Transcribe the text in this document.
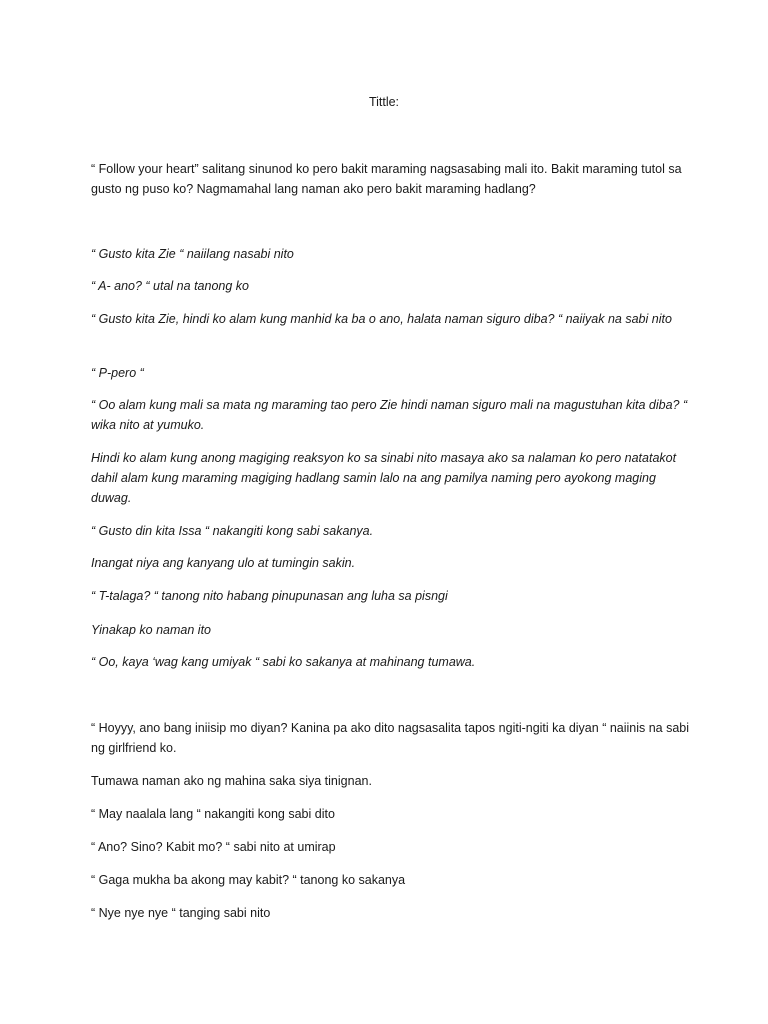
Tittle:

“ Follow your heart” salitang sinunod ko pero bakit maraming nagsasabing mali ito. Bakit maraming tutol sa gusto ng puso ko? Nagmamahal lang naman ako pero bakit maraming hadlang?

“ Gusto kita Zie “ naiilang nasabi nito

“ A- ano? “ utal na tanong ko

“ Gusto kita Zie, hindi ko alam kung manhid ka ba o ano, halata naman siguro diba? “ naiiyak na sabi nito

“ P-pero “

“ Oo alam kung mali sa mata ng maraming tao pero Zie hindi naman siguro mali na magustuhan kita diba? “ wika nito at yumuko.

Hindi ko alam kung anong magiging reaksyon ko sa sinabi nito masaya ako sa nalaman ko pero natatakot dahil alam kung maraming magiging hadlang samin lalo na ang pamilya naming pero ayokong maging duwag.

“ Gusto din kita Issa “ nakangiti kong sabi sakanya.

Inangat niya ang kanyang ulo at tumingin sakin.

“ T-talaga? “ tanong nito habang pinupunasan ang luha sa pisngi

Yinakap ko naman ito

“ Oo, kaya ‘wag kang umiyak “ sabi ko sakanya at mahinang tumawa.

“ Hoyyy, ano bang iniisip mo diyan? Kanina pa ako dito nagsasalita tapos ngiti-ngiti ka diyan “ naiinis na sabi ng girlfriend ko.

Tumawa naman ako ng mahina saka siya tinignan.

“ May naalala lang “ nakangiti kong sabi dito

“ Ano? Sino? Kabit mo? “ sabi nito at umirap

“ Gaga mukha ba akong may kabit? “ tanong ko sakanya

“ Nye nye nye “ tanging sabi nito
